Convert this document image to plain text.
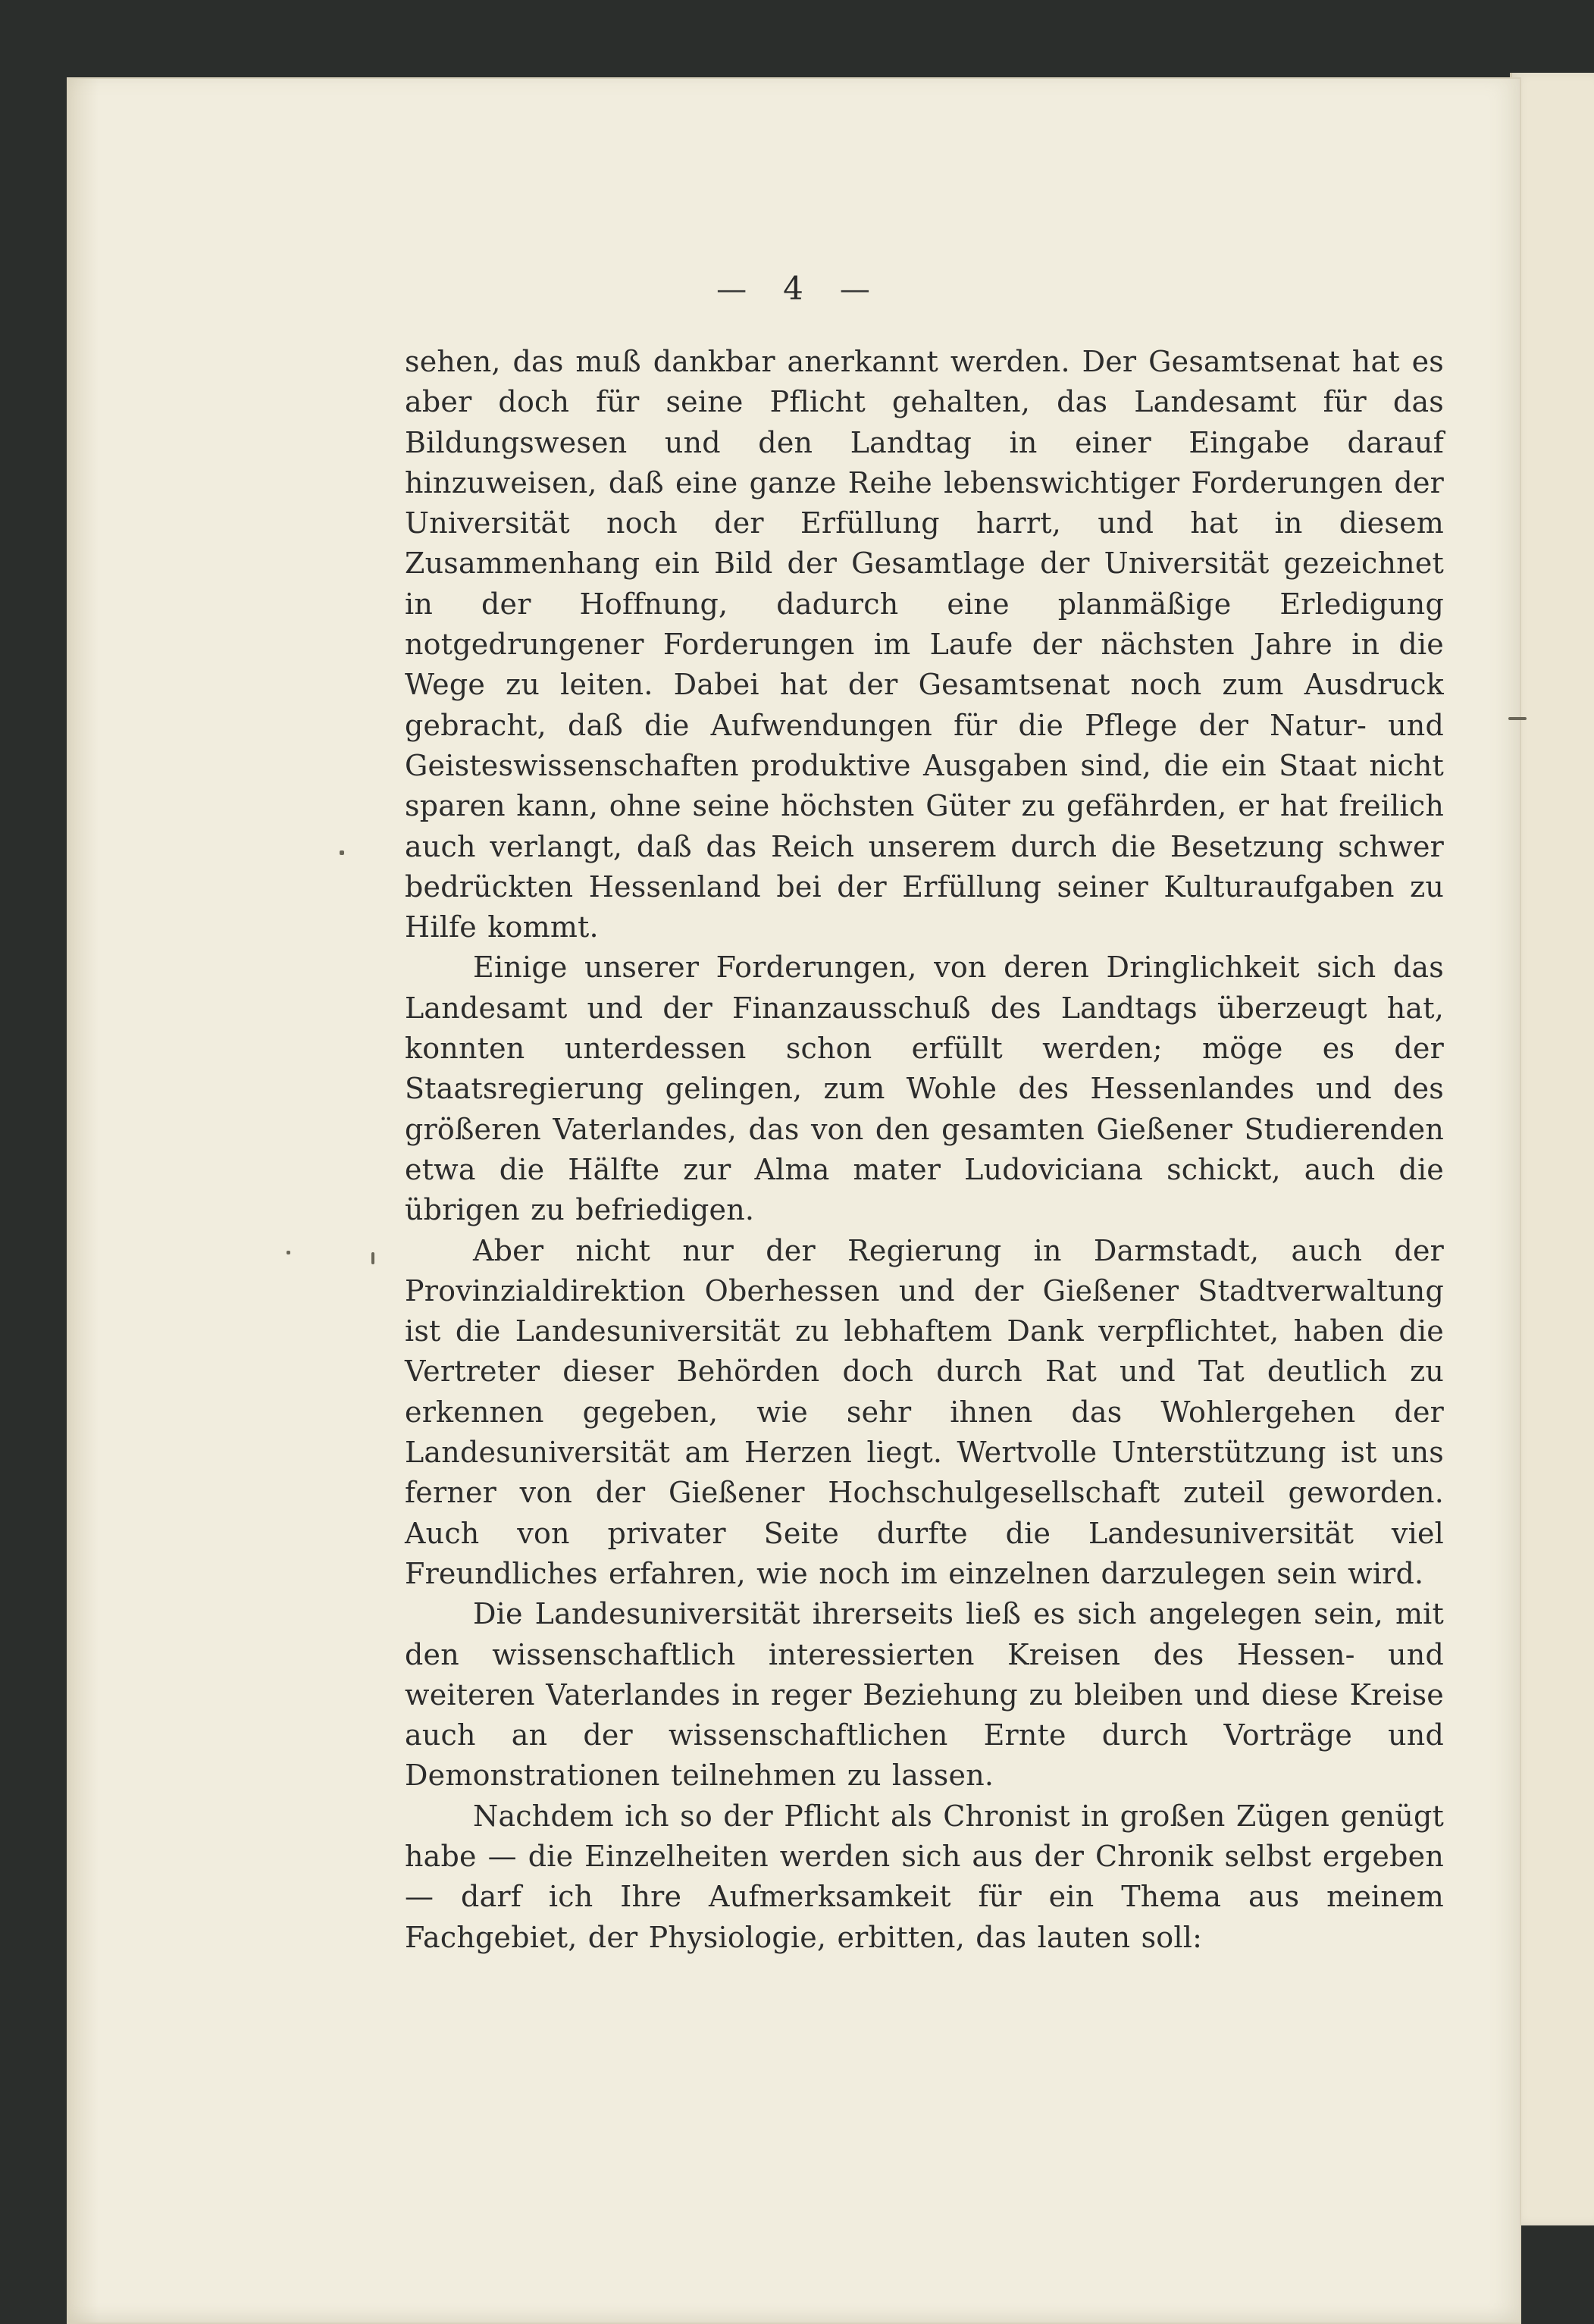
— 4 —

sehen, das muß dankbar anerkannt werden. Der Gesamtsenat hat es aber doch für seine Pflicht gehalten, das Landesamt für das Bildungswesen und den Landtag in einer Eingabe darauf hinzuweisen, daß eine ganze Reihe lebenswichtiger Forderungen der Universität noch der Erfüllung harrt, und hat in diesem Zusammenhang ein Bild der Gesamtlage der Universität gezeichnet in der Hoffnung, dadurch eine planmäßige Erledigung notgedrungener Forderungen im Laufe der nächsten Jahre in die Wege zu leiten. Dabei hat der Gesamtsenat noch zum Ausdruck gebracht, daß die Aufwendungen für die Pflege der Natur- und Geisteswissenschaften produktive Ausgaben sind, die ein Staat nicht sparen kann, ohne seine höchsten Güter zu gefährden, er hat freilich auch verlangt, daß das Reich unserem durch die Besetzung schwer bedrückten Hessenland bei der Erfüllung seiner Kulturaufgaben zu Hilfe kommt.

Einige unserer Forderungen, von deren Dringlichkeit sich das Landesamt und der Finanzausschuß des Landtags überzeugt hat, konnten unterdessen schon erfüllt werden; möge es der Staatsregierung gelingen, zum Wohle des Hessenlandes und des größeren Vaterlandes, das von den gesamten Gießener Studierenden etwa die Hälfte zur Alma mater Ludoviciana schickt, auch die übrigen zu befriedigen.

Aber nicht nur der Regierung in Darmstadt, auch der Provinzialdirektion Oberhessen und der Gießener Stadtverwaltung ist die Landesuniversität zu lebhaftem Dank verpflichtet, haben die Vertreter dieser Behörden doch durch Rat und Tat deutlich zu erkennen gegeben, wie sehr ihnen das Wohlergehen der Landesuniversität am Herzen liegt. Wertvolle Unterstützung ist uns ferner von der Gießener Hochschulgesellschaft zuteil geworden. Auch von privater Seite durfte die Landesuniversität viel Freundliches erfahren, wie noch im einzelnen darzulegen sein wird.

Die Landesuniversität ihrerseits ließ es sich angelegen sein, mit den wissenschaftlich interessierten Kreisen des Hessen- und weiteren Vaterlandes in reger Beziehung zu bleiben und diese Kreise auch an der wissenschaftlichen Ernte durch Vorträge und Demonstrationen teilnehmen zu lassen.

Nachdem ich so der Pflicht als Chronist in großen Zügen genügt habe — die Einzelheiten werden sich aus der Chronik selbst ergeben — darf ich Ihre Aufmerksamkeit für ein Thema aus meinem Fachgebiet, der Physiologie, erbitten, das lauten soll:
